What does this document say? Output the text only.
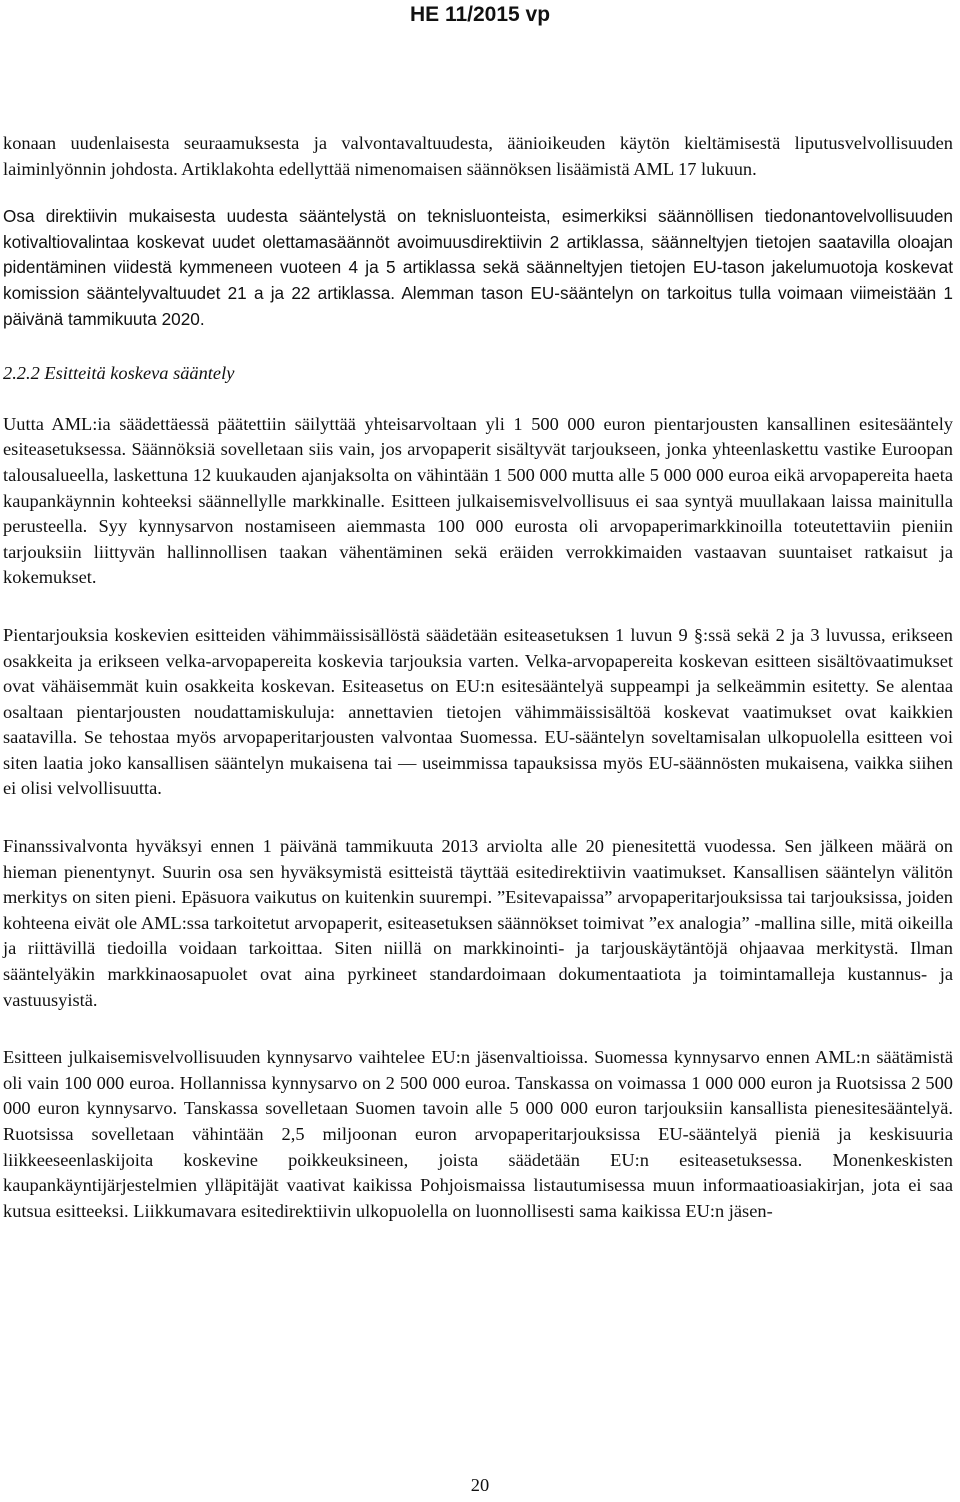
HE 11/2015 vp

konaan uudenlaisesta seuraamuksesta ja valvontavaltuudesta, äänioikeuden käytön kieltämisestä liputusvelvollisuuden laiminlyönnin johdosta. Artiklakohta edellyttää nimenomaisen säännöksen lisäämistä AML 17 lukuun.

Osa direktiivin mukaisesta uudesta sääntelystä on teknisluonteista, esimerkiksi säännöllisen tiedonantovelvollisuuden kotivaltiovalintaa koskevat uudet olettamasäännöt avoimuusdirektiivin 2 artiklassa, säänneltyjen tietojen saatavilla oloajan pidentäminen viidestä kymmeneen vuoteen 4 ja 5 artiklassa sekä säänneltyjen tietojen EU-tason jakelumuotoja koskevat komission sääntelyvaltuudet 21 a ja 22 artiklassa. Alemman tason EU-sääntelyn on tarkoitus tulla voimaan viimeistään 1 päivänä tammikuuta 2020.

2.2.2 Esitteitä koskeva sääntely

Uutta AML:ia säädettäessä päätettiin säilyttää yhteisarvoltaan yli 1 500 000 euron pientarjousten kansallinen esitesääntely esiteasetuksessa. Säännöksiä sovelletaan siis vain, jos arvopaperit sisältyvät tarjoukseen, jonka yhteenlaskettu vastike Euroopan talousalueella, laskettuna 12 kuukauden ajanjaksolta on vähintään 1 500 000 mutta alle 5 000 000 euroa eikä arvopapereita haeta kaupankäynnin kohteeksi säännellylle markkinalle. Esitteen julkaisemisvelvollisuus ei saa syntyä muullakaan laissa mainitulla perusteella. Syy kynnysarvon nostamiseen aiemmasta 100 000 eurosta oli arvopaperimarkkinoilla toteutettaviin pieniin tarjouksiin liittyvän hallinnollisen taakan vähentäminen sekä eräiden verrokkimaiden vastaavan suuntaiset ratkaisut ja kokemukset.

Pientarjouksia koskevien esitteiden vähimmäissisällöstä säädetään esiteasetuksen 1 luvun 9 §:ssä sekä 2 ja 3 luvussa, erikseen osakkeita ja erikseen velka-arvopapereita koskevia tarjouksia varten. Velka-arvopapereita koskevan esitteen sisältövaatimukset ovat vähäisemmät kuin osakkeita koskevan. Esiteasetus on EU:n esitesääntelyä suppeampi ja selkeämmin esitetty. Se alentaa osaltaan pientarjousten noudattamiskuluja: annettavien tietojen vähimmäissisältöä koskevat vaatimukset ovat kaikkien saatavilla. Se tehostaa myös arvopaperitarjousten valvontaa Suomessa. EU-sääntelyn soveltamisalan ulkopuolella esitteen voi siten laatia joko kansallisen sääntelyn mukaisena tai — useimmissa tapauksissa myös EU-säännösten mukaisena, vaikka siihen ei olisi velvollisuutta.

Finanssivalvonta hyväksyi ennen 1 päivänä tammikuuta 2013 arviolta alle 20 pienesitettä vuodessa. Sen jälkeen määrä on hieman pienentynyt. Suurin osa sen hyväksymistä esitteistä täyttää esitedirektiivin vaatimukset. Kansallisen sääntelyn välitön merkitys on siten pieni. Epäsuora vaikutus on kuitenkin suurempi. ”Esitevapaissa” arvopaperitarjouksissa tai tarjouksissa, joiden kohteena eivät ole AML:ssa tarkoitetut arvopaperit, esiteasetuksen säännökset toimivat ”ex analogia” -mallina sille, mitä oikeilla ja riittävillä tiedoilla voidaan tarkoittaa. Siten niillä on markkinointi- ja tarjouskäytäntöjä ohjaavaa merkitystä. Ilman sääntelyäkin markkinaosapuolet ovat aina pyrkineet standardoimaan dokumentaatiota ja toimintamalleja kustannus- ja vastuusyistä.

Esitteen julkaisemisvelvollisuuden kynnysarvo vaihtelee EU:n jäsenvaltioissa. Suomessa kynnysarvo ennen AML:n säätämistä oli vain 100 000 euroa. Hollannissa kynnysarvo on 2 500 000 euroa. Tanskassa on voimassa 1 000 000 euron ja Ruotsissa 2 500 000 euron kynnysarvo. Tanskassa sovelletaan Suomen tavoin alle 5 000 000 euron tarjouksiin kansallista pienesitesääntelyä. Ruotsissa sovelletaan vähintään 2,5 miljoonan euron arvopaperitarjouksissa EU-sääntelyä pieniä ja keskisuuria liikkeeseenlaskijoita koskevine poikkeuksineen, joista säädetään EU:n esiteasetuksessa. Monenkeskisten kaupankäyntijärjestelmien ylläpitäjät vaativat kaikissa Pohjoismaissa listautumisessa muun informaatioasiakirjan, jota ei saa kutsua esitteeksi. Liikkumavara esitedirektiivin ulkopuolella on luonnollisesti sama kaikissa EU:n jäsen-

20
